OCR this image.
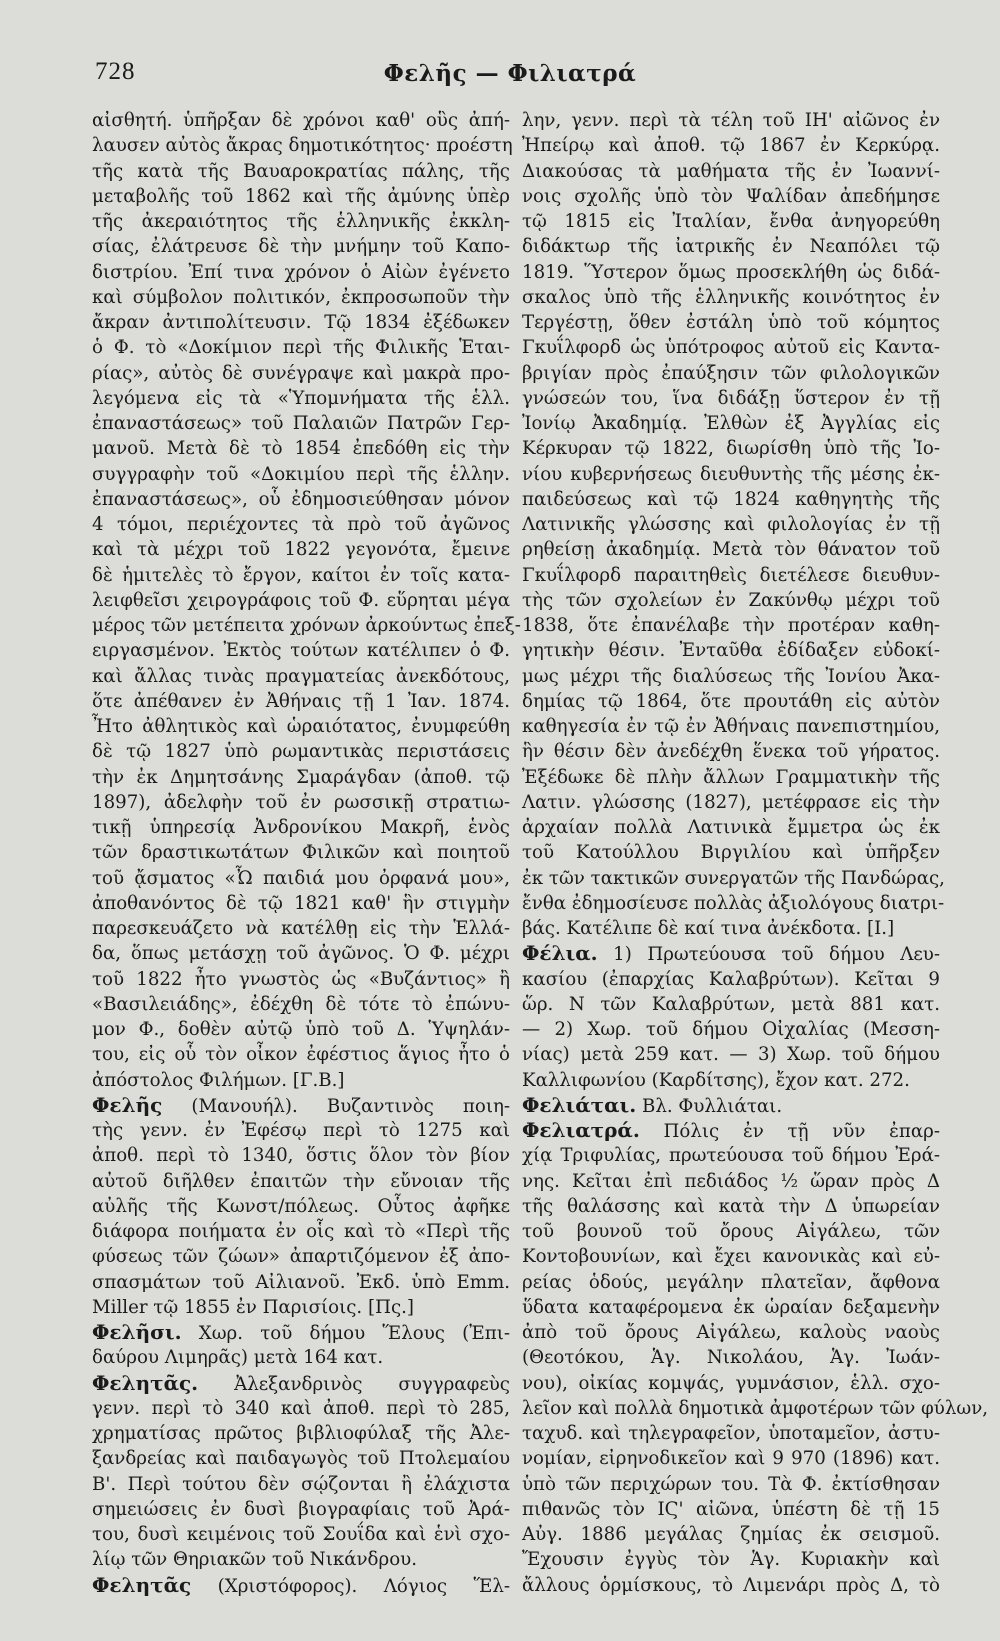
728	Φελῆς — Φιλιατρά
αἰσθητή. ὑπῆρξαν δὲ χρόνοι καθ' οὓς ἀπή-
λαυσεν αὐτὸς ἄκρας δημοτικότητος· προέστη
τῆς κατὰ τῆς Βαυαροκρατίας πάλης, τῆς
μεταβολῆς τοῦ 1862 καὶ τῆς ἀμύνης ὑπὲρ
τῆς ἀκεραιότητος τῆς ἑλληνικῆς ἐκκλη-
σίας, ἐλάτρευσε δὲ τὴν μνήμην τοῦ Καπο-
διστρίου. Ἐπί τινα χρόνον ὁ Αἰὼν ἐγένετο
καὶ σύμβολον πολιτικόν, ἐκπροσωποῦν τὴν
ἄκραν ἀντιπολίτευσιν. Τῷ 1834 ἐξέδωκεν
ὁ Φ. τὸ «Δοκίμιον περὶ τῆς Φιλικῆς Ἑται-
ρίας», αὐτὸς δὲ συνέγραψε καὶ μακρὰ προ-
λεγόμενα εἰς τὰ «Ὑπομνήματα τῆς ἑλλ.
ἐπαναστάσεως» τοῦ Παλαιῶν Πατρῶν Γερ-
μανοῦ. Μετὰ δὲ τὸ 1854 ἐπεδόθη εἰς τὴν
συγγραφὴν τοῦ «Δοκιμίου περὶ τῆς ἑλλην.
ἐπαναστάσεως», οὗ ἐδημοσιεύθησαν μόνον
4 τόμοι, περιέχοντες τὰ πρὸ τοῦ ἀγῶνος
καὶ τὰ μέχρι τοῦ 1822 γεγονότα, ἔμεινε
δὲ ἡμιτελὲς τὸ ἔργον, καίτοι ἐν τοῖς κατα-
λειφθεῖσι χειρογράφοις τοῦ Φ. εὕρηται μέγα
μέρος τῶν μετέπειτα χρόνων ἀρκούντως ἐπεξ-
ειργασμένον. Ἐκτὸς τούτων κατέλιπεν ὁ Φ.
καὶ ἄλλας τινὰς πραγματείας ἀνεκδότους,
ὅτε ἀπέθανεν ἐν Ἀθήναις τῇ 1 Ἰαν. 1874.
Ἦτο ἀθλητικὸς καὶ ὡραιότατος, ἐνυμφεύθη
δὲ τῷ 1827 ὑπὸ ρωμαντικὰς περιστάσεις
τὴν ἐκ Δημητσάνης Σμαράγδαν (ἀποθ. τῷ
1897), ἀδελφὴν τοῦ ἐν ρωσσικῇ στρατιω-
τικῇ ὑπηρεσίᾳ Ἀνδρονίκου Μακρῆ, ἑνὸς
τῶν δραστικωτάτων Φιλικῶν καὶ ποιητοῦ
τοῦ ᾄσματος «Ὦ παιδιά μου ὀρφανά μου»,
ἀποθανόντος δὲ τῷ 1821 καθ' ἣν στιγμὴν
παρεσκευάζετο νὰ κατέλθῃ εἰς τὴν Ἑλλά-
δα, ὅπως μετάσχῃ τοῦ ἀγῶνος. Ὁ Φ. μέχρι
τοῦ 1822 ἦτο γνωστὸς ὡς «Βυζάντιος» ἢ
«Βασιλειάδης», ἐδέχθη δὲ τότε τὸ ἐπώνυ-
μον Φ., δοθὲν αὐτῷ ὑπὸ τοῦ Δ. Ὑψηλάν-
του, εἰς οὗ τὸν οἶκον ἐφέστιος ἅγιος ἦτο ὁ
ἀπόστολος Φιλήμων. [Γ.Β.]
Φελῆς (Μανουήλ). Βυζαντινὸς ποιη-
τὴς γενν. ἐν Ἐφέσῳ περὶ τὸ 1275 καὶ
ἀποθ. περὶ τὸ 1340, ὅστις ὅλον τὸν βίον
αὐτοῦ διῆλθεν ἐπαιτῶν τὴν εὔνοιαν τῆς
αὐλῆς τῆς Κωνστ/πόλεως. Οὗτος ἀφῆκε
διάφορα ποιήματα ἐν οἷς καὶ τὸ «Περὶ τῆς
φύσεως τῶν ζώων» ἀπαρτιζόμενον ἐξ ἀπο-
σπασμάτων τοῦ Αἰλιανοῦ. Ἐκδ. ὑπὸ Emm.
Miller τῷ 1855 ἐν Παρισίοις. [Πς.]
Φελῆσι. Χωρ. τοῦ δήμου Ἕλους (Ἐπι-
δαύρου Λιμηρᾶς) μετὰ 164 κατ.
Φελητᾶς. Ἀλεξανδρινὸς συγγραφεὺς
γενν. περὶ τὸ 340 καὶ ἀποθ. περὶ τὸ 285,
χρηματίσας πρῶτος βιβλιοφύλαξ τῆς Ἀλε-
ξανδρείας καὶ παιδαγωγὸς τοῦ Πτολεμαίου
Β'. Περὶ τούτου δὲν σῴζονται ἢ ἐλάχιστα
σημειώσεις ἐν δυσὶ βιογραφίαις τοῦ Ἀρά-
του, δυσὶ κειμένοις τοῦ Σουΐδα καὶ ἑνὶ σχο-
λίῳ τῶν Θηριακῶν τοῦ Νικάνδρου.
Φελητᾶς (Χριστόφορος). Λόγιος Ἕλ-
λην, γενν. περὶ τὰ τέλη τοῦ ΙΗ' αἰῶνος ἐν
Ἠπείρῳ καὶ ἀποθ. τῷ 1867 ἐν Κερκύρᾳ.
Διακούσας τὰ μαθήματα τῆς ἐν Ἰωαννί-
νοις σχολῆς ὑπὸ τὸν Ψαλίδαν ἀπεδήμησε
τῷ 1815 εἰς Ἰταλίαν, ἔνθα ἀνηγορεύθη
διδάκτωρ τῆς ἰατρικῆς ἐν Νεαπόλει τῷ
1819. Ὕστερον ὅμως προσεκλήθη ὡς διδά-
σκαλος ὑπὸ τῆς ἑλληνικῆς κοινότητος ἐν
Τεργέστῃ, ὅθεν ἐστάλη ὑπὸ τοῦ κόμητος
Γκυΐλφορδ ὡς ὑπότροφος αὐτοῦ εἰς Καντα-
βριγίαν πρὸς ἐπαύξησιν τῶν φιλολογικῶν
γνώσεών του, ἵνα διδάξῃ ὕστερον ἐν τῇ
Ἰονίῳ Ἀκαδημίᾳ. Ἐλθὼν ἐξ Ἀγγλίας εἰς
Κέρκυραν τῷ 1822, διωρίσθη ὑπὸ τῆς Ἰο-
νίου κυβερνήσεως διευθυντὴς τῆς μέσης ἐκ-
παιδεύσεως καὶ τῷ 1824 καθηγητὴς τῆς
Λατινικῆς γλώσσης καὶ φιλολογίας ἐν τῇ
ρηθείσῃ ἀκαδημίᾳ. Μετὰ τὸν θάνατον τοῦ
Γκυΐλφορδ παραιτηθεὶς διετέλεσε διευθυν-
τὴς τῶν σχολείων ἐν Ζακύνθῳ μέχρι τοῦ
1838, ὅτε ἐπανέλαβε τὴν προτέραν καθη-
γητικὴν θέσιν. Ἐνταῦθα ἐδίδαξεν εὐδοκί-
μως μέχρι τῆς διαλύσεως τῆς Ἰονίου Ἀκα-
δημίας τῷ 1864, ὅτε προυτάθη εἰς αὐτὸν
καθηγεσία ἐν τῷ ἐν Ἀθήναις πανεπιστημίου,
ἣν θέσιν δὲν ἀνεδέχθη ἕνεκα τοῦ γήρατος.
Ἐξέδωκε δὲ πλὴν ἄλλων Γραμματικὴν τῆς
Λατιν. γλώσσης (1827), μετέφρασε εἰς τὴν
ἀρχαίαν πολλὰ Λατινικὰ ἔμμετρα ὡς ἐκ
τοῦ Κατούλλου Βιργιλίου καὶ ὑπῆρξεν
ἐκ τῶν τακτικῶν συνεργατῶν τῆς Πανδώρας,
ἔνθα ἐδημοσίευσε πολλὰς ἀξιολόγους διατρι-
βάς. Κατέλιπε δὲ καί τινα ἀνέκδοτα. [Ι.]
Φέλια. 1) Πρωτεύουσα τοῦ δήμου Λευ-
κασίου (ἐπαρχίας Καλαβρύτων). Κεῖται 9
ὥρ. Ν τῶν Καλαβρύτων, μετὰ 881 κατ.
— 2) Χωρ. τοῦ δήμου Οἰχαλίας (Μεσση-
νίας) μετὰ 259 κατ. — 3) Χωρ. τοῦ δήμου
Καλλιφωνίου (Καρδίτσης), ἔχον κατ. 272.
Φελιάται. Βλ. Φυλλιάται.
Φελιατρά. Πόλις ἐν τῇ νῦν ἐπαρ-
χίᾳ Τριφυλίας, πρωτεύουσα τοῦ δήμου Ἐρά-
νης. Κεῖται ἐπὶ πεδιάδος ½ ὥραν πρὸς Δ
τῆς θαλάσσης καὶ κατὰ τὴν Δ ὑπωρείαν
τοῦ βουνοῦ τοῦ ὄρους Αἰγάλεω, τῶν
Κοντοβουνίων, καὶ ἔχει κανονικὰς καὶ εὐ-
ρείας ὁδούς, μεγάλην πλατεῖαν, ἄφθονα
ὕδατα καταφέρομενα ἐκ ὡραίαν δεξαμενὴν
ἀπὸ τοῦ ὄρους Αἰγάλεω, καλοὺς ναοὺς
(Θεοτόκου, Ἁγ. Νικολάου, Ἁγ. Ἰωάν-
νου), οἰκίας κομψάς, γυμνάσιον, ἑλλ. σχο-
λεῖον καὶ πολλὰ δημοτικὰ ἀμφοτέρων τῶν φύλων,
ταχυδ. καὶ τηλεγραφεῖον, ὑποταμεῖον, ἀστυ-
νομίαν, εἰρηνοδικεῖον καὶ 9 970 (1896) κατ.
ὑπὸ τῶν περιχώρων του. Τὰ Φ. ἐκτίσθησαν
πιθανῶς τὸν ΙϚ' αἰῶνα, ὑπέστη δὲ τῇ 15
Αὐγ. 1886 μεγάλας ζημίας ἐκ σεισμοῦ.
Ἔχουσιν ἐγγὺς τὸν Ἁγ. Κυριακὴν καὶ
ἄλλους ὁρμίσκους, τὸ Λιμενάρι πρὸς Δ, τὸ
